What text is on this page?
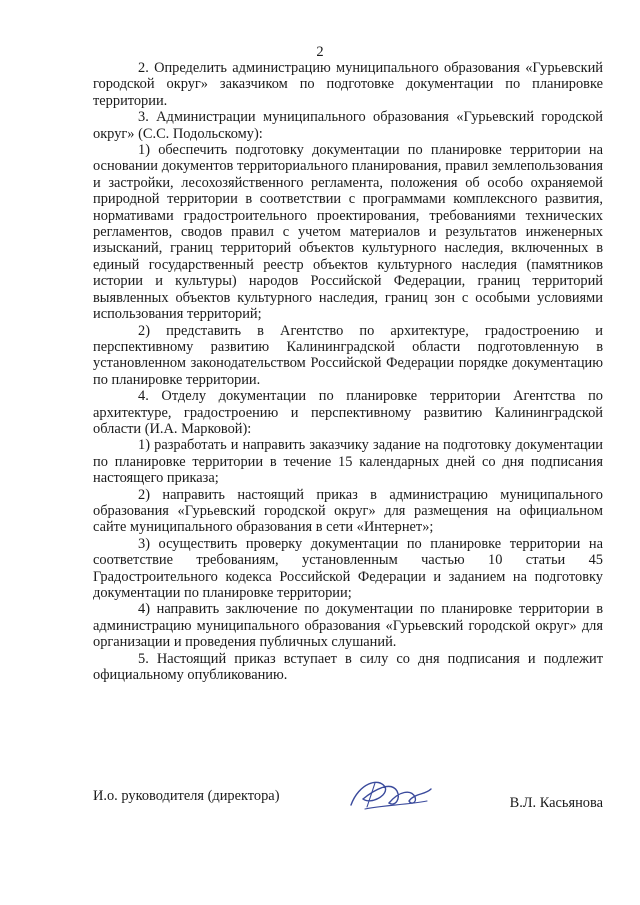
2

2. Определить администрацию муниципального образования «Гурьевский городской округ» заказчиком по подготовке документации по планировке территории.

3. Администрации муниципального образования «Гурьевский городской округ» (С.С. Подольскому):

1) обеспечить подготовку документации по планировке территории на основании документов территориального планирования, правил землепользования и застройки, лесохозяйственного регламента, положения об особо охраняемой природной территории в соответствии с программами комплексного развития, нормативами градостроительного проектирования, требованиями технических регламентов, сводов правил с учетом материалов и результатов инженерных изысканий, границ территорий объектов культурного наследия, включенных в единый государственный реестр объектов культурного наследия (памятников истории и культуры) народов Российской Федерации, границ территорий выявленных объектов культурного наследия, границ зон с особыми условиями использования территорий;

2) представить в Агентство по архитектуре, градостроению и перспективному развитию Калининградской области подготовленную в установленном законодательством Российской Федерации порядке документацию по планировке территории.

4. Отделу документации по планировке территории Агентства по архитектуре, градостроению и перспективному развитию Калининградской области (И.А. Марковой):

1) разработать и направить заказчику задание на подготовку документации по планировке территории в течение 15 календарных дней со дня подписания настоящего приказа;

2) направить настоящий приказ в администрацию муниципального образования «Гурьевский городской округ» для размещения на официальном сайте муниципального образования в сети «Интернет»;

3) осуществить проверку документации по планировке территории на соответствие требованиям, установленным частью 10 статьи 45 Градостроительного кодекса Российской Федерации и заданием на подготовку документации по планировке территории;

4) направить заключение по документации по планировке территории в администрацию муниципального образования «Гурьевский городской округ» для организации и проведения публичных слушаний.

5. Настоящий приказ вступает в силу со дня подписания и подлежит официальному опубликованию.

И.о. руководителя (директора)	В.Л. Касьянова
